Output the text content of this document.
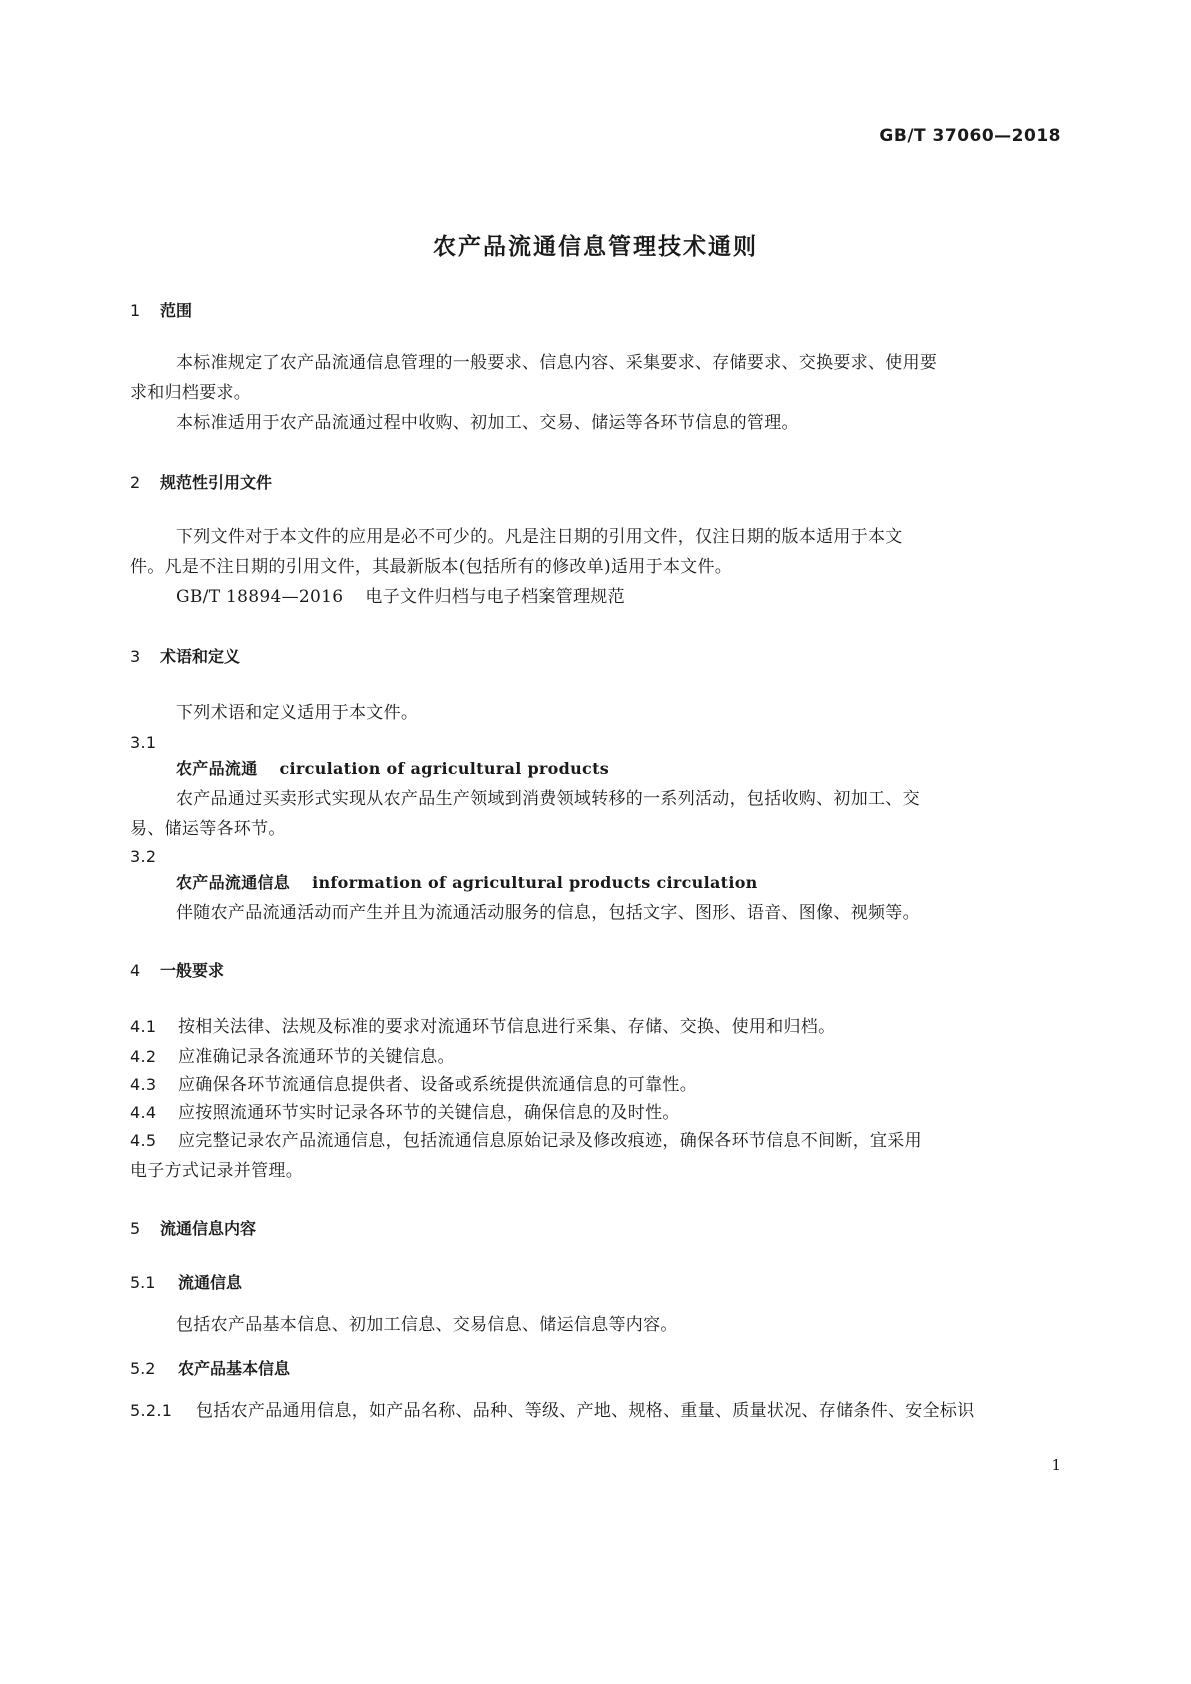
GB/T 37060—2018
农产品流通信息管理技术通则
1 范围
本标准规定了农产品流通信息管理的一般要求、信息内容、采集要求、存储要求、交换要求、使用要
求和归档要求。
本标准适用于农产品流通过程中收购、初加工、交易、储运等各环节信息的管理。
2 规范性引用文件
下列文件对于本文件的应用是必不可少的。凡是注日期的引用文件，仅注日期的版本适用于本文
件。凡是不注日期的引用文件，其最新版本(包括所有的修改单)适用于本文件。
GB/T 18894—2016 电子文件归档与电子档案管理规范
3 术语和定义
下列术语和定义适用于本文件。
3.1
农产品流通 circulation of agricultural products
农产品通过买卖形式实现从农产品生产领域到消费领域转移的一系列活动，包括收购、初加工、交
易、储运等各环节。
3.2
农产品流通信息 information of agricultural products circulation
伴随农产品流通活动而产生并且为流通活动服务的信息，包括文字、图形、语音、图像、视频等。
4 一般要求
4.1 按相关法律、法规及标准的要求对流通环节信息进行采集、存储、交换、使用和归档。
4.2 应准确记录各流通环节的关键信息。
4.3 应确保各环节流通信息提供者、设备或系统提供流通信息的可靠性。
4.4 应按照流通环节实时记录各环节的关键信息，确保信息的及时性。
4.5 应完整记录农产品流通信息，包括流通信息原始记录及修改痕迹，确保各环节信息不间断，宜采用
电子方式记录并管理。
5 流通信息内容
5.1 流通信息
包括农产品基本信息、初加工信息、交易信息、储运信息等内容。
5.2 农产品基本信息
5.2.1 包括农产品通用信息，如产品名称、品种、等级、产地、规格、重量、质量状况、存储条件、安全标识
1
